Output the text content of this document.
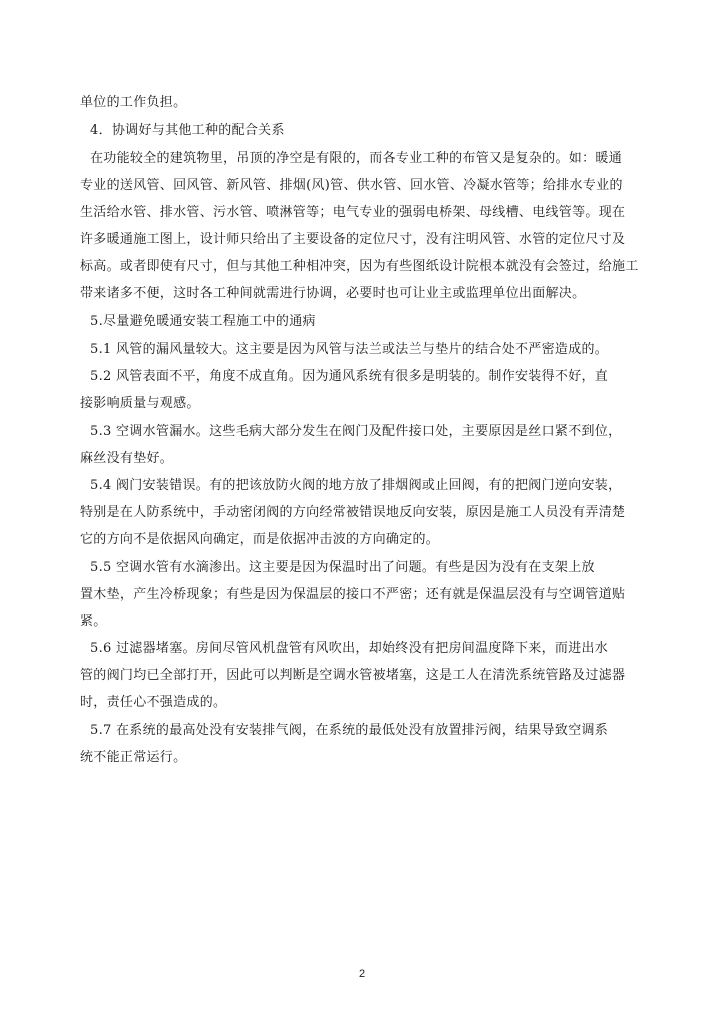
单位的工作负担。
4．协调好与其他工种的配合关系
在功能较全的建筑物里，吊顶的净空是有限的，而各专业工种的布管又是复杂的。如：暖通
专业的送风管、回风管、新风管、排烟(风)管、供水管、回水管、冷凝水管等；给排水专业的
生活给水管、排水管、污水管、喷淋管等；电气专业的强弱电桥架、母线槽、电线管等。现在
许多暖通施工图上，设计师只给出了主要设备的定位尺寸，没有注明风管、水管的定位尺寸及
标高。或者即使有尺寸，但与其他工种相冲突，因为有些图纸设计院根本就没有会签过，给施工
带来诸多不便，这时各工种间就需进行协调，必要时也可让业主或监理单位出面解决。
5.尽量避免暖通安装工程施工中的通病
5.1 风管的漏风量较大。这主要是因为风管与法兰或法兰与垫片的结合处不严密造成的。
5.2 风管表面不平，角度不成直角。因为通风系统有很多是明装的。制作安装得不好，直
接影响质量与观感。
5.3 空调水管漏水。这些毛病大部分发生在阀门及配件接口处，主要原因是丝口紧不到位，
麻丝没有垫好。
5.4 阀门安装错误。有的把该放防火阀的地方放了排烟阀或止回阀，有的把阀门逆向安装，
特别是在人防系统中，手动密闭阀的方向经常被错误地反向安装，原因是施工人员没有弄清楚
它的方向不是依据风向确定，而是依据冲击波的方向确定的。
5.5 空调水管有水滴渗出。这主要是因为保温时出了问题。有些是因为没有在支架上放
置木垫，产生冷桥现象；有些是因为保温层的接口不严密；还有就是保温层没有与空调管道贴
紧。
5.6 过滤器堵塞。房间尽管风机盘管有风吹出，却始终没有把房间温度降下来，而进出水
管的阀门均已全部打开，因此可以判断是空调水管被堵塞，这是工人在清洗系统管路及过滤器
时，责任心不强造成的。
5.7 在系统的最高处没有安装排气阀，在系统的最低处没有放置排污阀，结果导致空调系
统不能正常运行。
2
